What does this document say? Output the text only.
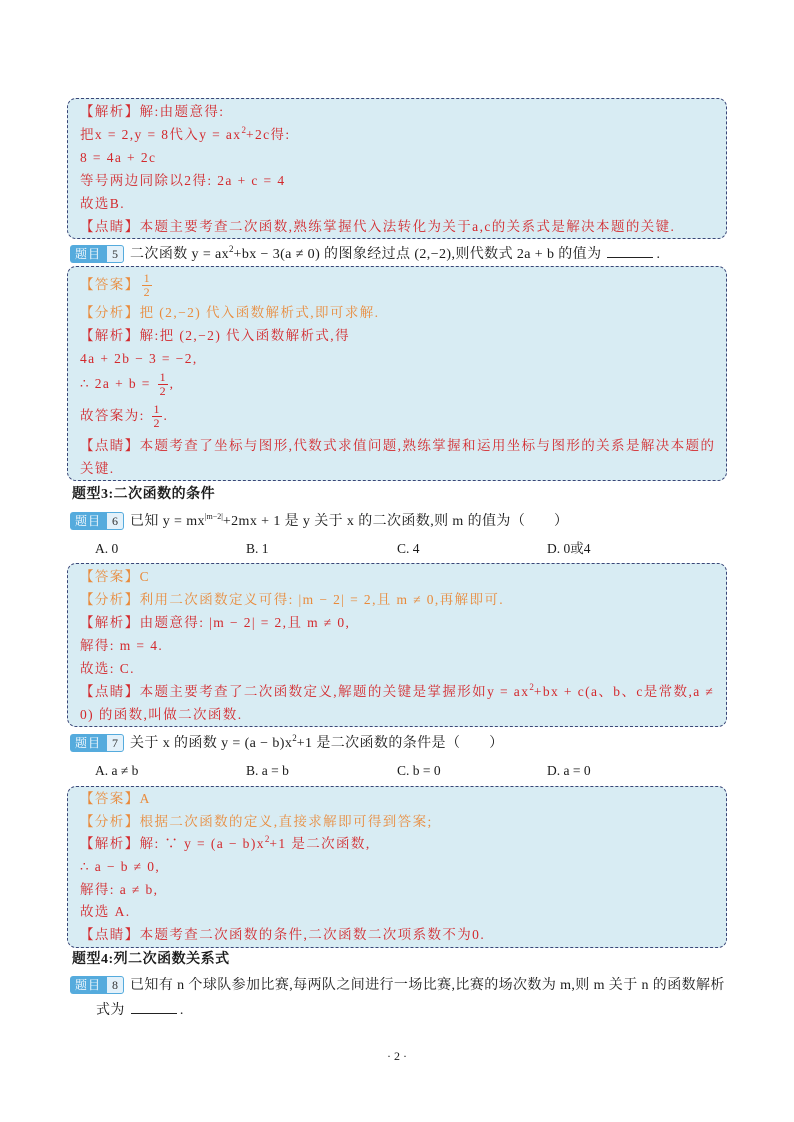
【解析】解:由题意得:
把x = 2,y = 8代入$y = ax^2+2c$得:
8 = 4a + 2c
等号两边同除以2得: 2a + c = 4
故选B.
【点睛】本题主要考查二次函数,熟练掌握代入法转化为关于a,c的关系式是解决本题的关键.
题目 5 二次函数 $y = ax^2+bx - 3(a \ne 0)$ 的图象经过点 (2,−2),则代数式 2a + b 的值为	.
【答案】 $\frac{1}{2}$
【分析】把 (2,−2) 代入函数解析式,即可求解.
【解析】解:把 (2,−2) 代入函数解析式,得
4a + 2b − 3 = −2,
∴ $2a + b = \frac{1}{2}$ ,
故答案为: $\frac{1}{2}$ .
【点睛】本题考查了坐标与图形,代数式求值问题,熟练掌握和运用坐标与图形的关系是解决本题的
关键.
题型3:二次函数的条件
题目 6 已知 $y = mx^{|m-2|}+2mx + 1$ 是 y 关于 x 的二次函数,则 m 的值为（　　）
A. 0	B. 1	C. 4	D. 0或4
【答案】C
【分析】利用二次函数定义可得: |m − 2| = 2,且 m ≠ 0,再解即可.
【解析】由题意得: |m − 2| = 2,且 m ≠ 0,
解得: m = 4.
故选: C.
【点睛】本题主要考查了二次函数定义,解题的关键是掌握形如$y = ax^2+bx + c(a$、b、c是常数,a ≠
0) 的函数,叫做二次函数.
题目 7 关于 x 的函数 $y = (a - b)x^2+1$ 是二次函数的条件是（　　）
A. a ≠ b	B. a = b	C. b = 0	D. a = 0
【答案】A
【分析】根据二次函数的定义,直接求解即可得到答案;
【解析】解: ∵ $y = (a - b)x^2+1$ 是二次函数,
∴ a − b ≠ 0,
解得: a ≠ b,
故选 A.
【点睛】本题考查二次函数的条件,二次函数二次项系数不为0.
题型4:列二次函数关系式
题目 8 已知有 n 个球队参加比赛,每两队之间进行一场比赛,比赛的场次数为 m,则 m 关于 n 的函数解析
式为	.
· 2 ·
